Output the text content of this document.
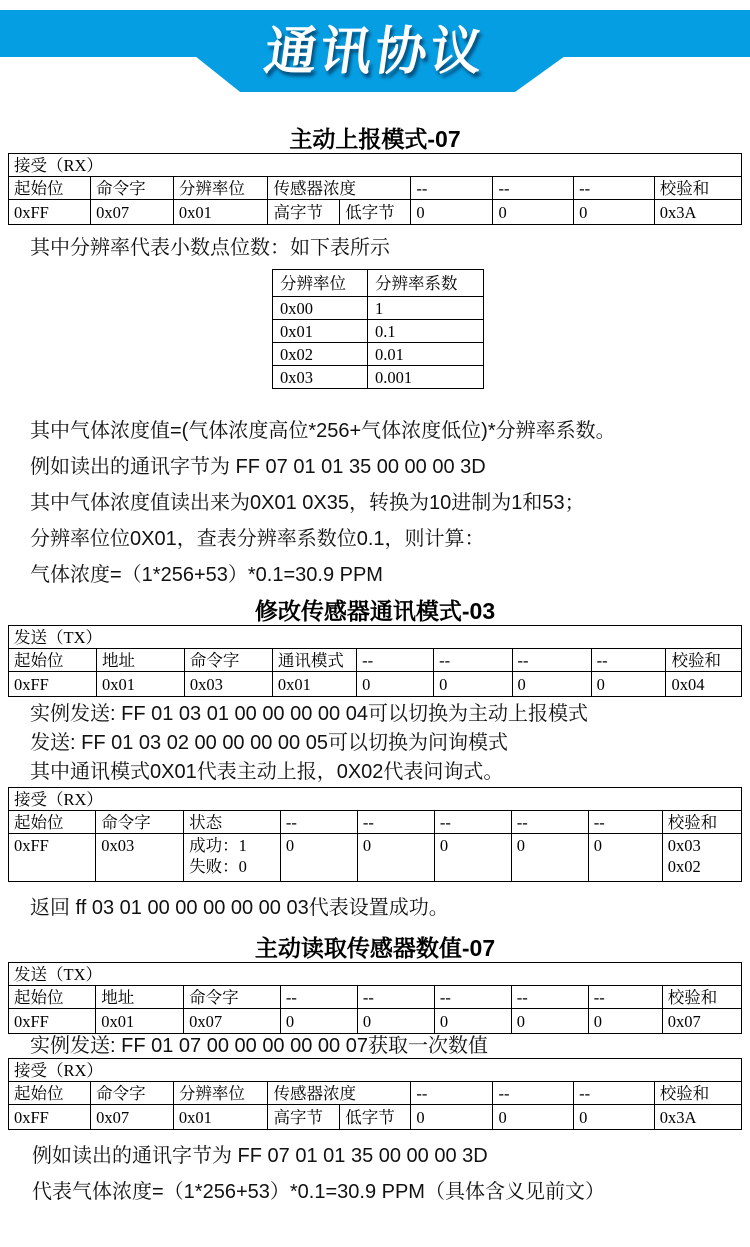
通讯协议
主动上报模式-07
接受（RX）								
起始位	命令字	分辨率位	传感器浓度		--	--	--	校验和
0xFF	0x07	0x01	高字节	低字节	0	0	0	0x3A
其中分辨率代表小数点位数：如下表所示
分辨率位	分辨率系数
0x00	1
0x01	0.1
0x02	0.01
0x03	0.001

其中气体浓度值=(气体浓度高位*256+气体浓度低位)*分辨率系数。

例如读出的通讯字节为 FF 07 01 01 35 00 00 00 3D

其中气体浓度值读出来为0X01 0X35，转换为10进制为1和53；

分辨率位位0X01，查表分辨率系数位0.1，则计算：

气体浓度=（1*256+53）*0.1=30.9 PPM

修改传感器通讯模式-03
发送（TX）								
起始位	地址	命令字	通讯模式	--	--	--	--	校验和
0xFF	0x01	0x03	0x01	0	0	0	0	0x04

实例发送: FF 01 03 01 00 00 00 00 04可以切换为主动上报模式

发送: FF 01 03 02 00 00 00 00 05可以切换为问询模式

其中通讯模式0X01代表主动上报，0X02代表问询式。

接受（RX）								
起始位	命令字	状态	--	--	--	--	--	校验和
0xFF	0x03	成功：1
失败：0
	0	0	0	0	0	0x03
0x02
返回 ff 03 01 00 00 00 00 00 03代表设置成功。
主动读取传感器数值-07
发送（TX）								
起始位	地址	命令字	--	--	--	--	--	校验和
0xFF	0x01	0x07	0	0	0	0	0	0x07
实例发送: FF 01 07 00 00 00 00 00 07获取一次数值
接受（RX）								
起始位	命令字	分辨率位	传感器浓度		--	--	--	校验和
0xFF	0x07	0x01	高字节	低字节	0	0	0	0x3A

例如读出的通讯字节为 FF 07 01 01 35 00 00 00 3D

代表气体浓度=（1*256+53）*0.1=30.9 PPM（具体含义见前文）
